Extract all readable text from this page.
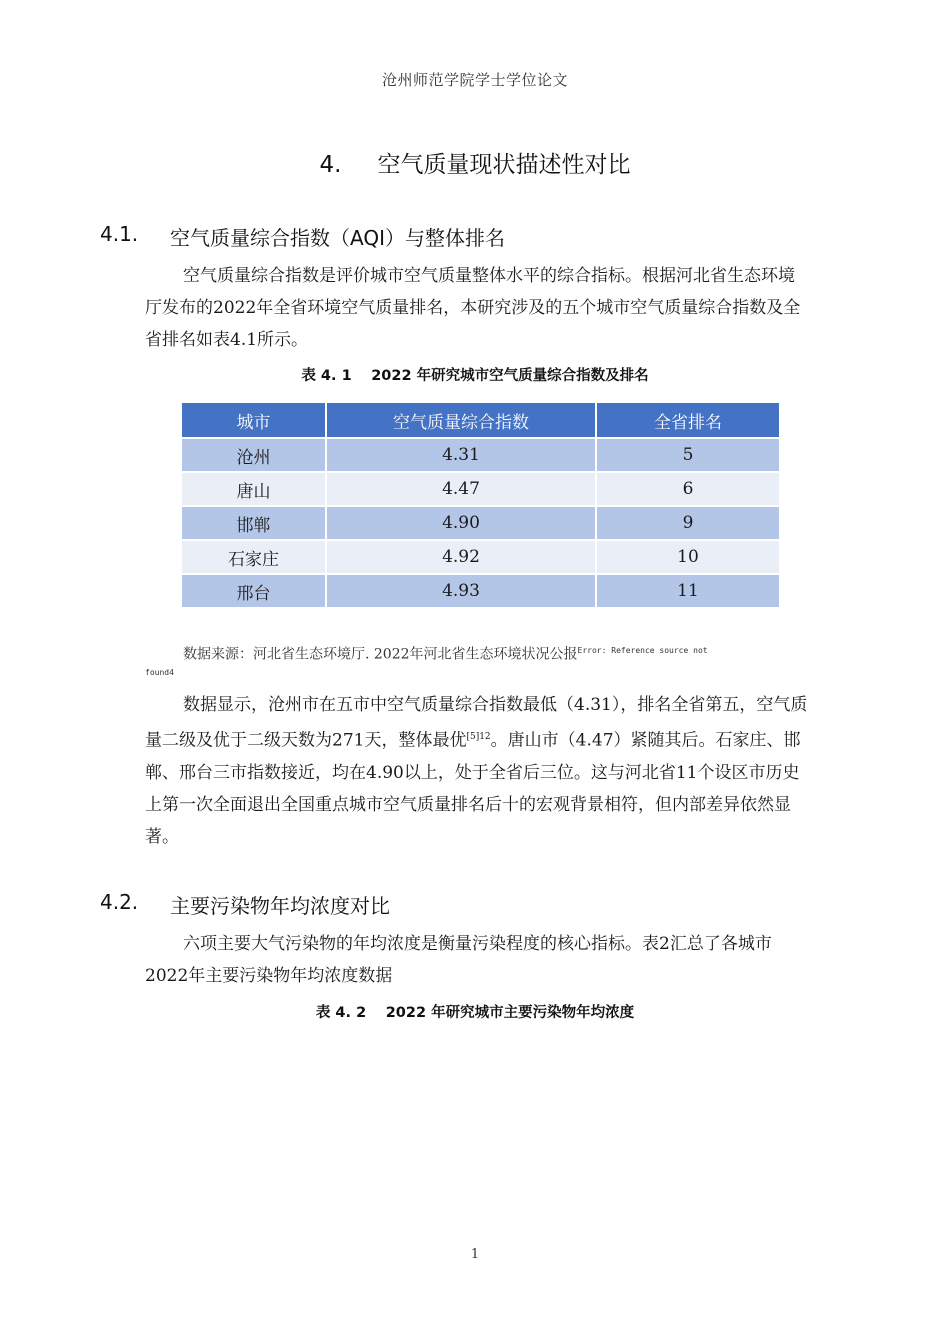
沧州师范学院学士学位论文
4. 空气质量现状描述性对比
4.1. 空气质量综合指数（AQI）与整体排名

空气质量综合指数是评价城市空气质量整体水平的综合指标。根据河北省生态环境厅发布的2022年全省环境空气质量排名，本研究涉及的五个城市空气质量综合指数及全省排名如表4.1所示。

表 4. 1　 2022 年研究城市空气质量综合指数及排名
城市	空气质量综合指数	全省排名
沧州	4.31	5
唐山	4.47	6
邯郸	4.90	9
石家庄	4.92	10
邢台	4.93	11
数据来源：河北省生态环境厅. 2022年河北省生态环境状况公报$^{Error: Reference source not}$
found4

数据显示，沧州市在五市中空气质量综合指数最低（4.31），排名全省第五，空气质量二级及优于二级天数为271天，整体最优$^{[5]12}$。唐山市（4.47）紧随其后。石家庄、邯郸、邢台三市指数接近，均在4.90以上，处于全省后三位。这与河北省11个设区市历史上第一次全面退出全国重点城市空气质量排名后十的宏观背景相符，但内部差异依然显著。

4.2. 主要污染物年均浓度对比

六项主要大气污染物的年均浓度是衡量污染程度的核心指标。表2汇总了各城市2022年主要污染物年均浓度数据

表 4. 2　 2022 年研究城市主要污染物年均浓度
1
